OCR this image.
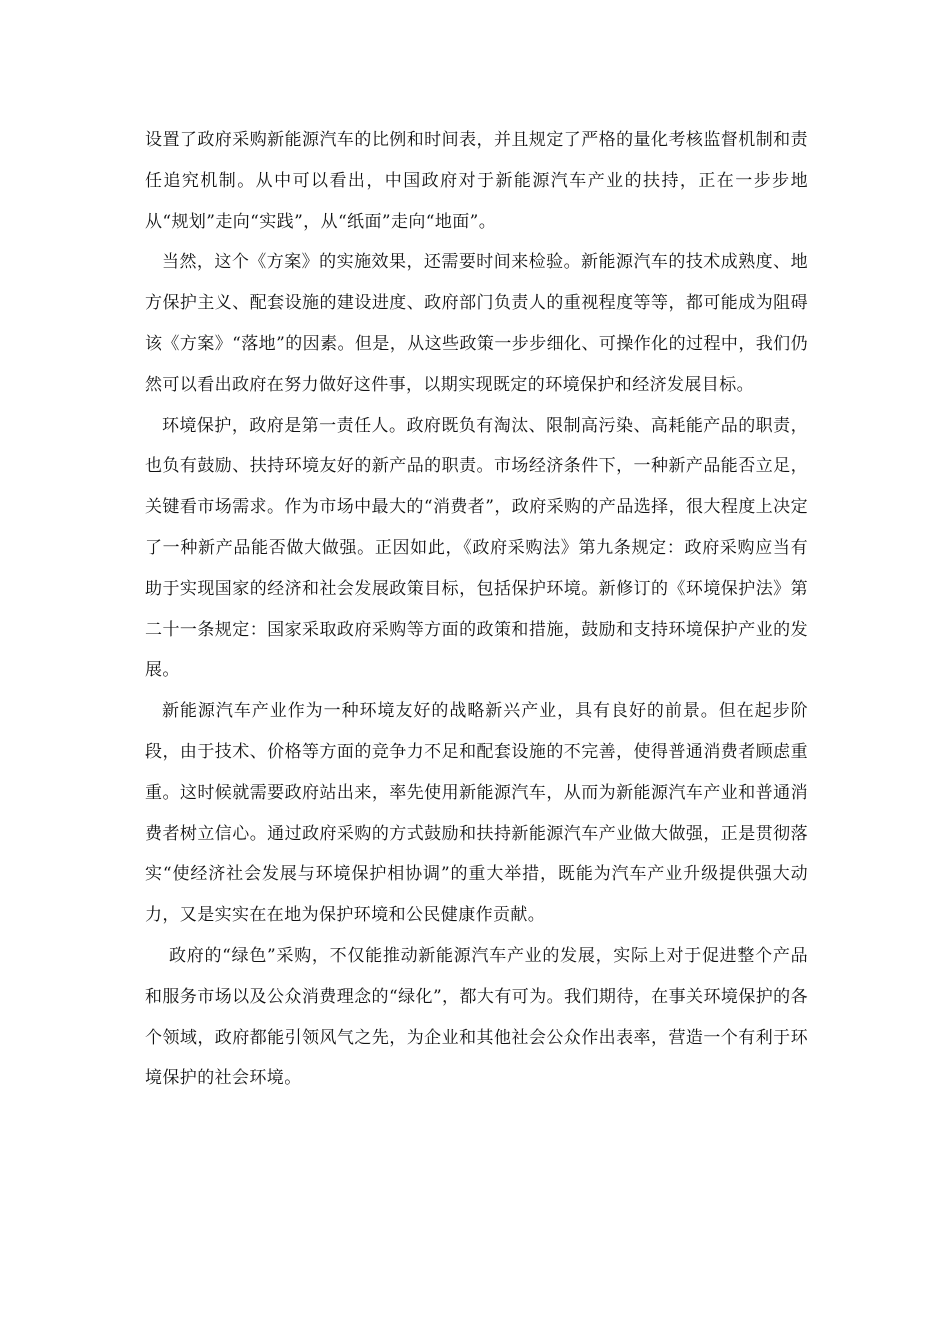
设置了政府采购新能源汽车的比例和时间表，并且规定了严格的量化考核监督机制和责任追究机制。从中可以看出，中国政府对于新能源汽车产业的扶持，正在一步步地从“规划”走向“实践”，从“纸面”走向“地面”。

当然，这个《方案》的实施效果，还需要时间来检验。新能源汽车的技术成熟度、地方保护主义、配套设施的建设进度、政府部门负责人的重视程度等等，都可能成为阻碍该《方案》“落地”的因素。但是，从这些政策一步步细化、可操作化的过程中，我们仍然可以看出政府在努力做好这件事，以期实现既定的环境保护和经济发展目标。

环境保护，政府是第一责任人。政府既负有淘汰、限制高污染、高耗能产品的职责，也负有鼓励、扶持环境友好的新产品的职责。市场经济条件下，一种新产品能否立足，关键看市场需求。作为市场中最大的“消费者”，政府采购的产品选择，很大程度上决定了一种新产品能否做大做强。正因如此，《政府采购法》第九条规定：政府采购应当有助于实现国家的经济和社会发展政策目标，包括保护环境。新修订的《环境保护法》第二十一条规定：国家采取政府采购等方面的政策和措施，鼓励和支持环境保护产业的发展。

新能源汽车产业作为一种环境友好的战略新兴产业，具有良好的前景。但在起步阶段，由于技术、价格等方面的竞争力不足和配套设施的不完善，使得普通消费者顾虑重重。这时候就需要政府站出来，率先使用新能源汽车，从而为新能源汽车产业和普通消费者树立信心。通过政府采购的方式鼓励和扶持新能源汽车产业做大做强，正是贯彻落实“使经济社会发展与环境保护相协调”的重大举措，既能为汽车产业升级提供强大动力，又是实实在在地为保护环境和公民健康作贡献。

政府的“绿色”采购，不仅能推动新能源汽车产业的发展，实际上对于促进整个产品和服务市场以及公众消费理念的“绿化”，都大有可为。我们期待，在事关环境保护的各个领域，政府都能引领风气之先，为企业和其他社会公众作出表率，营造一个有利于环境保护的社会环境。
